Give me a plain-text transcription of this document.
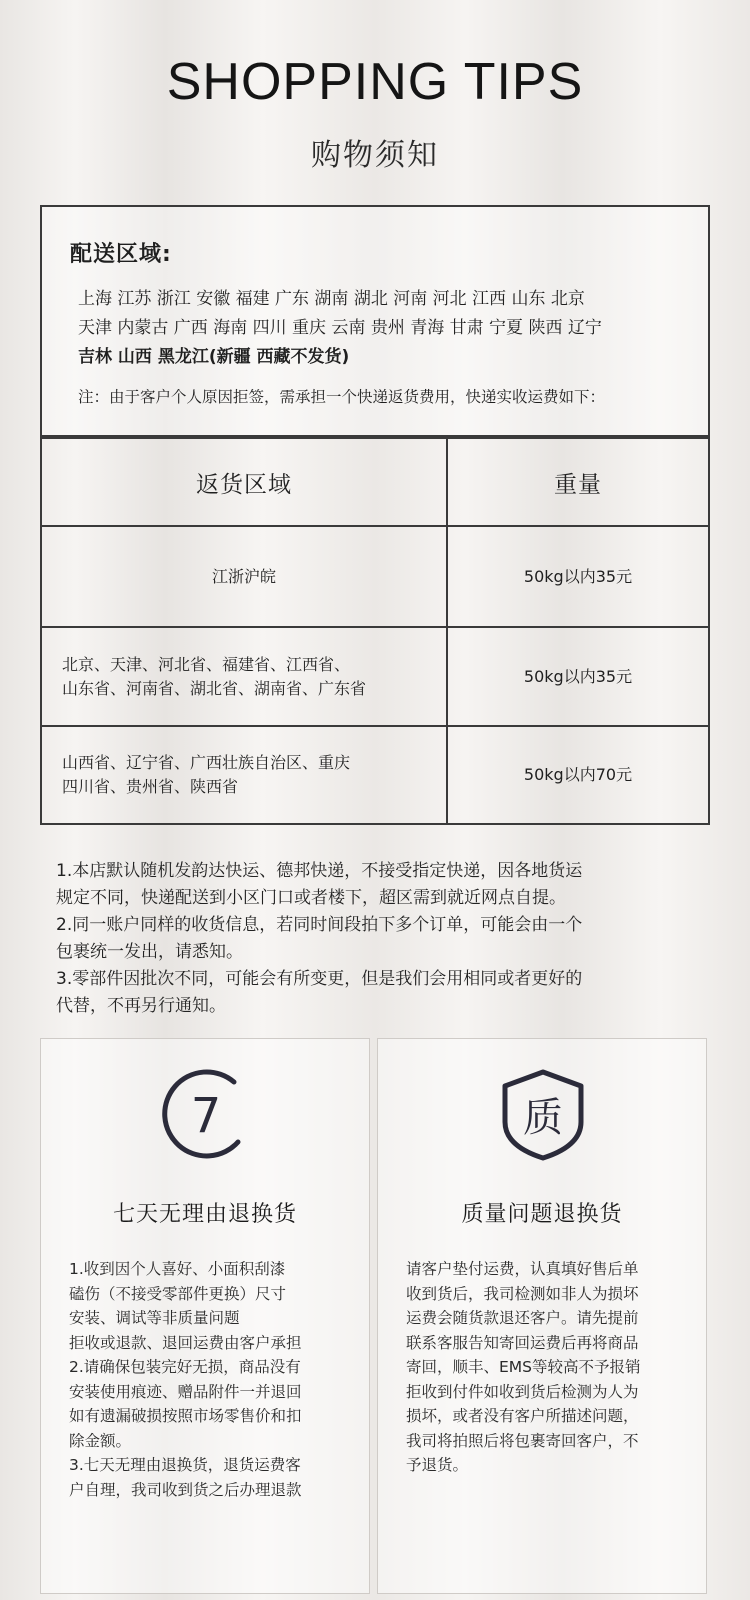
SHOPPING TIPS
购物须知
配送区域:
上海 江苏 浙江 安徽 福建 广东 湖南 湖北 河南 河北 江西 山东 北京
天津 内蒙古 广西 海南 四川 重庆 云南 贵州 青海 甘肃 宁夏 陕西 辽宁
吉林 山西 黑龙江(新疆 西藏不发货)
注：由于客户个人原因拒签，需承担一个快递返货费用，快递实收运费如下：
返货区域	重量
江浙沪皖	50kg以内35元
北京、天津、河北省、福建省、江西省、
山东省、河南省、湖北省、湖南省、广东省
50kg以内35元
山西省、辽宁省、广西壮族自治区、重庆
四川省、贵州省、陕西省
50kg以内70元
1.本店默认随机发韵达快运、德邦快递，不接受指定快递，因各地货运
规定不同，快递配送到小区门口或者楼下，超区需到就近网点自提。
2.同一账户同样的收货信息，若同时间段拍下多个订单，可能会由一个
包裹统一发出，请悉知。
3.零部件因批次不同，可能会有所变更，但是我们会用相同或者更好的
代替，不再另行通知。
7
七天无理由退换货
1.收到因个人喜好、小面积刮漆
磕伤（不接受零部件更换）尺寸
安装、调试等非质量问题
拒收或退款、退回运费由客户承担
2.请确保包装完好无损，商品没有
安装使用痕迹、赠品附件一并退回
如有遗漏破损按照市场零售价和扣
除金额。
3.七天无理由退换货，退货运费客
户自理，我司收到货之后办理退款
质
质量问题退换货
请客户垫付运费，认真填好售后单
收到货后，我司检测如非人为损坏
运费会随货款退还客户。请先提前
联系客服告知寄回运费后再将商品
寄回，顺丰、EMS等较高不予报销
拒收到付件如收到货后检测为人为
损坏，或者没有客户所描述问题，
我司将拍照后将包裹寄回客户，不
予退货。
